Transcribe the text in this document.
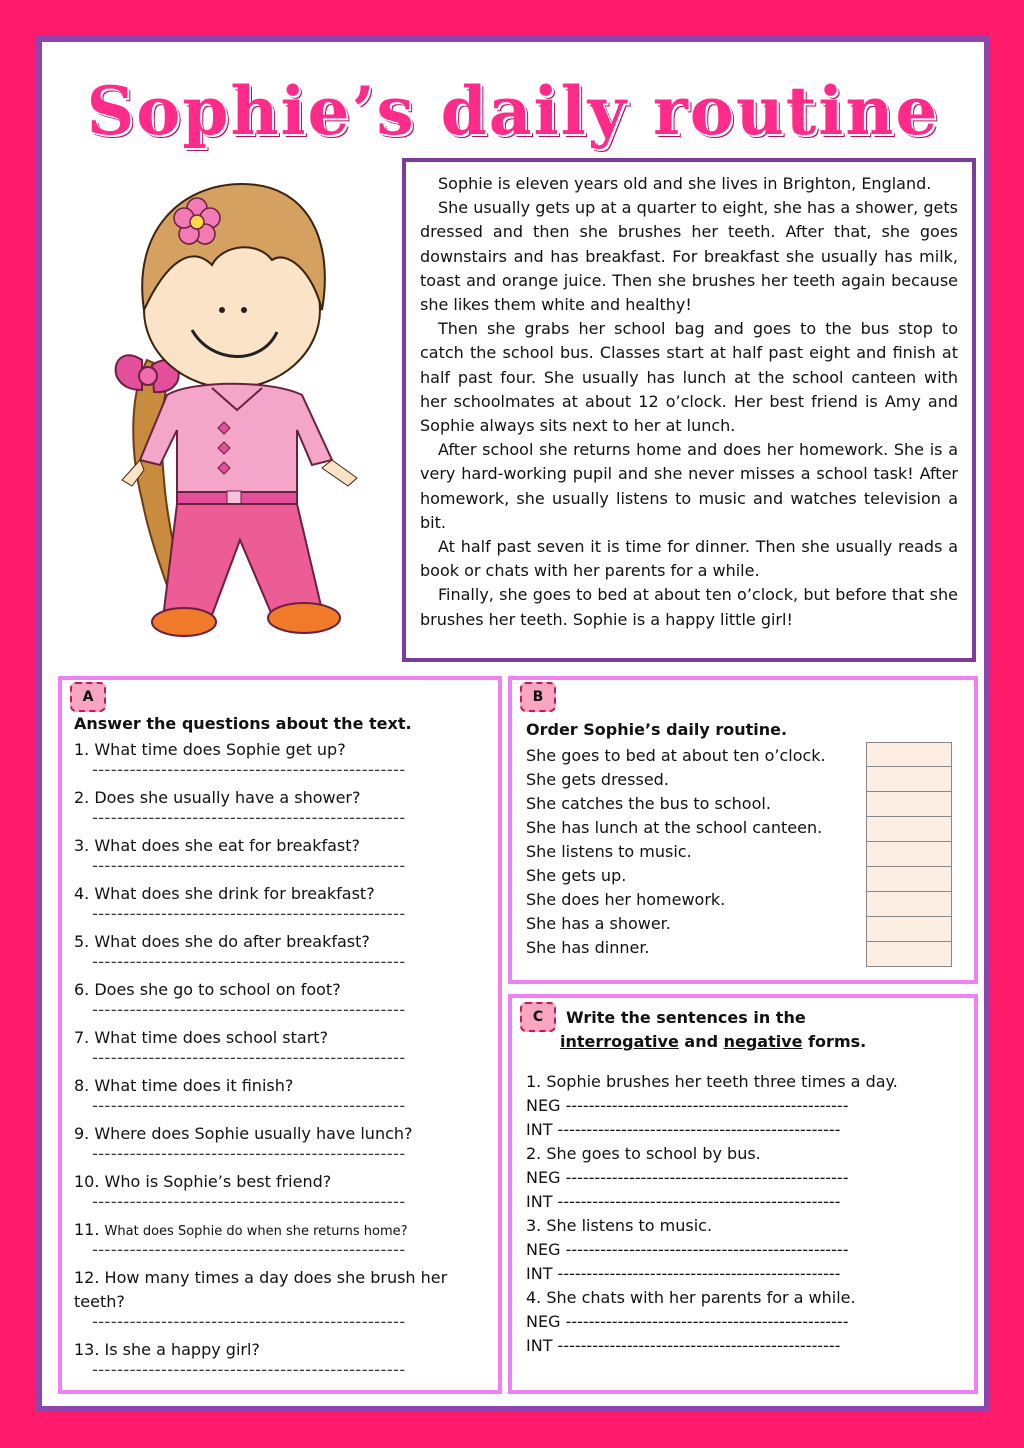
Sophie’s daily routine

Sophie is eleven years old and she lives in Brighton, England.

She usually gets up at a quarter to eight, she has a shower, gets dressed and then she brushes her teeth. After that, she goes downstairs and has breakfast. For breakfast she usually has milk, toast and orange juice. Then she brushes her teeth again because she likes them white and healthy!

Then she grabs her school bag and goes to the bus stop to catch the school bus. Classes start at half past eight and finish at half past four. She usually has lunch at the school canteen with her schoolmates at about 12 o’clock. Her best friend is Amy and Sophie always sits next to her at lunch.

After school she returns home and does her homework. She is a very hard-working pupil and she never misses a school task! After homework, she usually listens to music and watches television a bit.

At half past seven it is time for dinner. Then she usually reads a book or chats with her parents for a while.

Finally, she goes to bed at about ten o’clock, but before that she brushes her teeth. Sophie is a happy little girl!

A
Answer the questions about the text.
1. What time does Sophie get up?
--------------------------------------------------
2. Does she usually have a shower?
--------------------------------------------------
3. What does she eat for breakfast?
--------------------------------------------------
4. What does she drink for breakfast?
--------------------------------------------------
5. What does she do after breakfast?
--------------------------------------------------
6. Does she go to school on foot?
--------------------------------------------------
7. What time does school start?
--------------------------------------------------
8. What time does it finish?
--------------------------------------------------
9. Where does Sophie usually have lunch?
--------------------------------------------------
10. Who is Sophie’s best friend?
--------------------------------------------------
11. What does Sophie do when she returns home?
--------------------------------------------------
12. How many times a day does she brush her teeth?
--------------------------------------------------
13. Is she a happy girl?
--------------------------------------------------
B
Order Sophie’s daily routine.
She goes to bed at about ten o’clock.
She gets dressed.
She catches the bus to school.
She has lunch at the school canteen.
She listens to music.
She gets up.
She does her homework.
She has a shower.
She has dinner.
C	Write the sentences in the
interrogative and negative forms.
1. Sophie brushes her teeth three times a day.
NEG -------------------------------------------------
INT -------------------------------------------------
2. She goes to school by bus.
NEG -------------------------------------------------
INT -------------------------------------------------
3. She listens to music.
NEG -------------------------------------------------
INT -------------------------------------------------
4. She chats with her parents for a while.
NEG -------------------------------------------------
INT -------------------------------------------------
